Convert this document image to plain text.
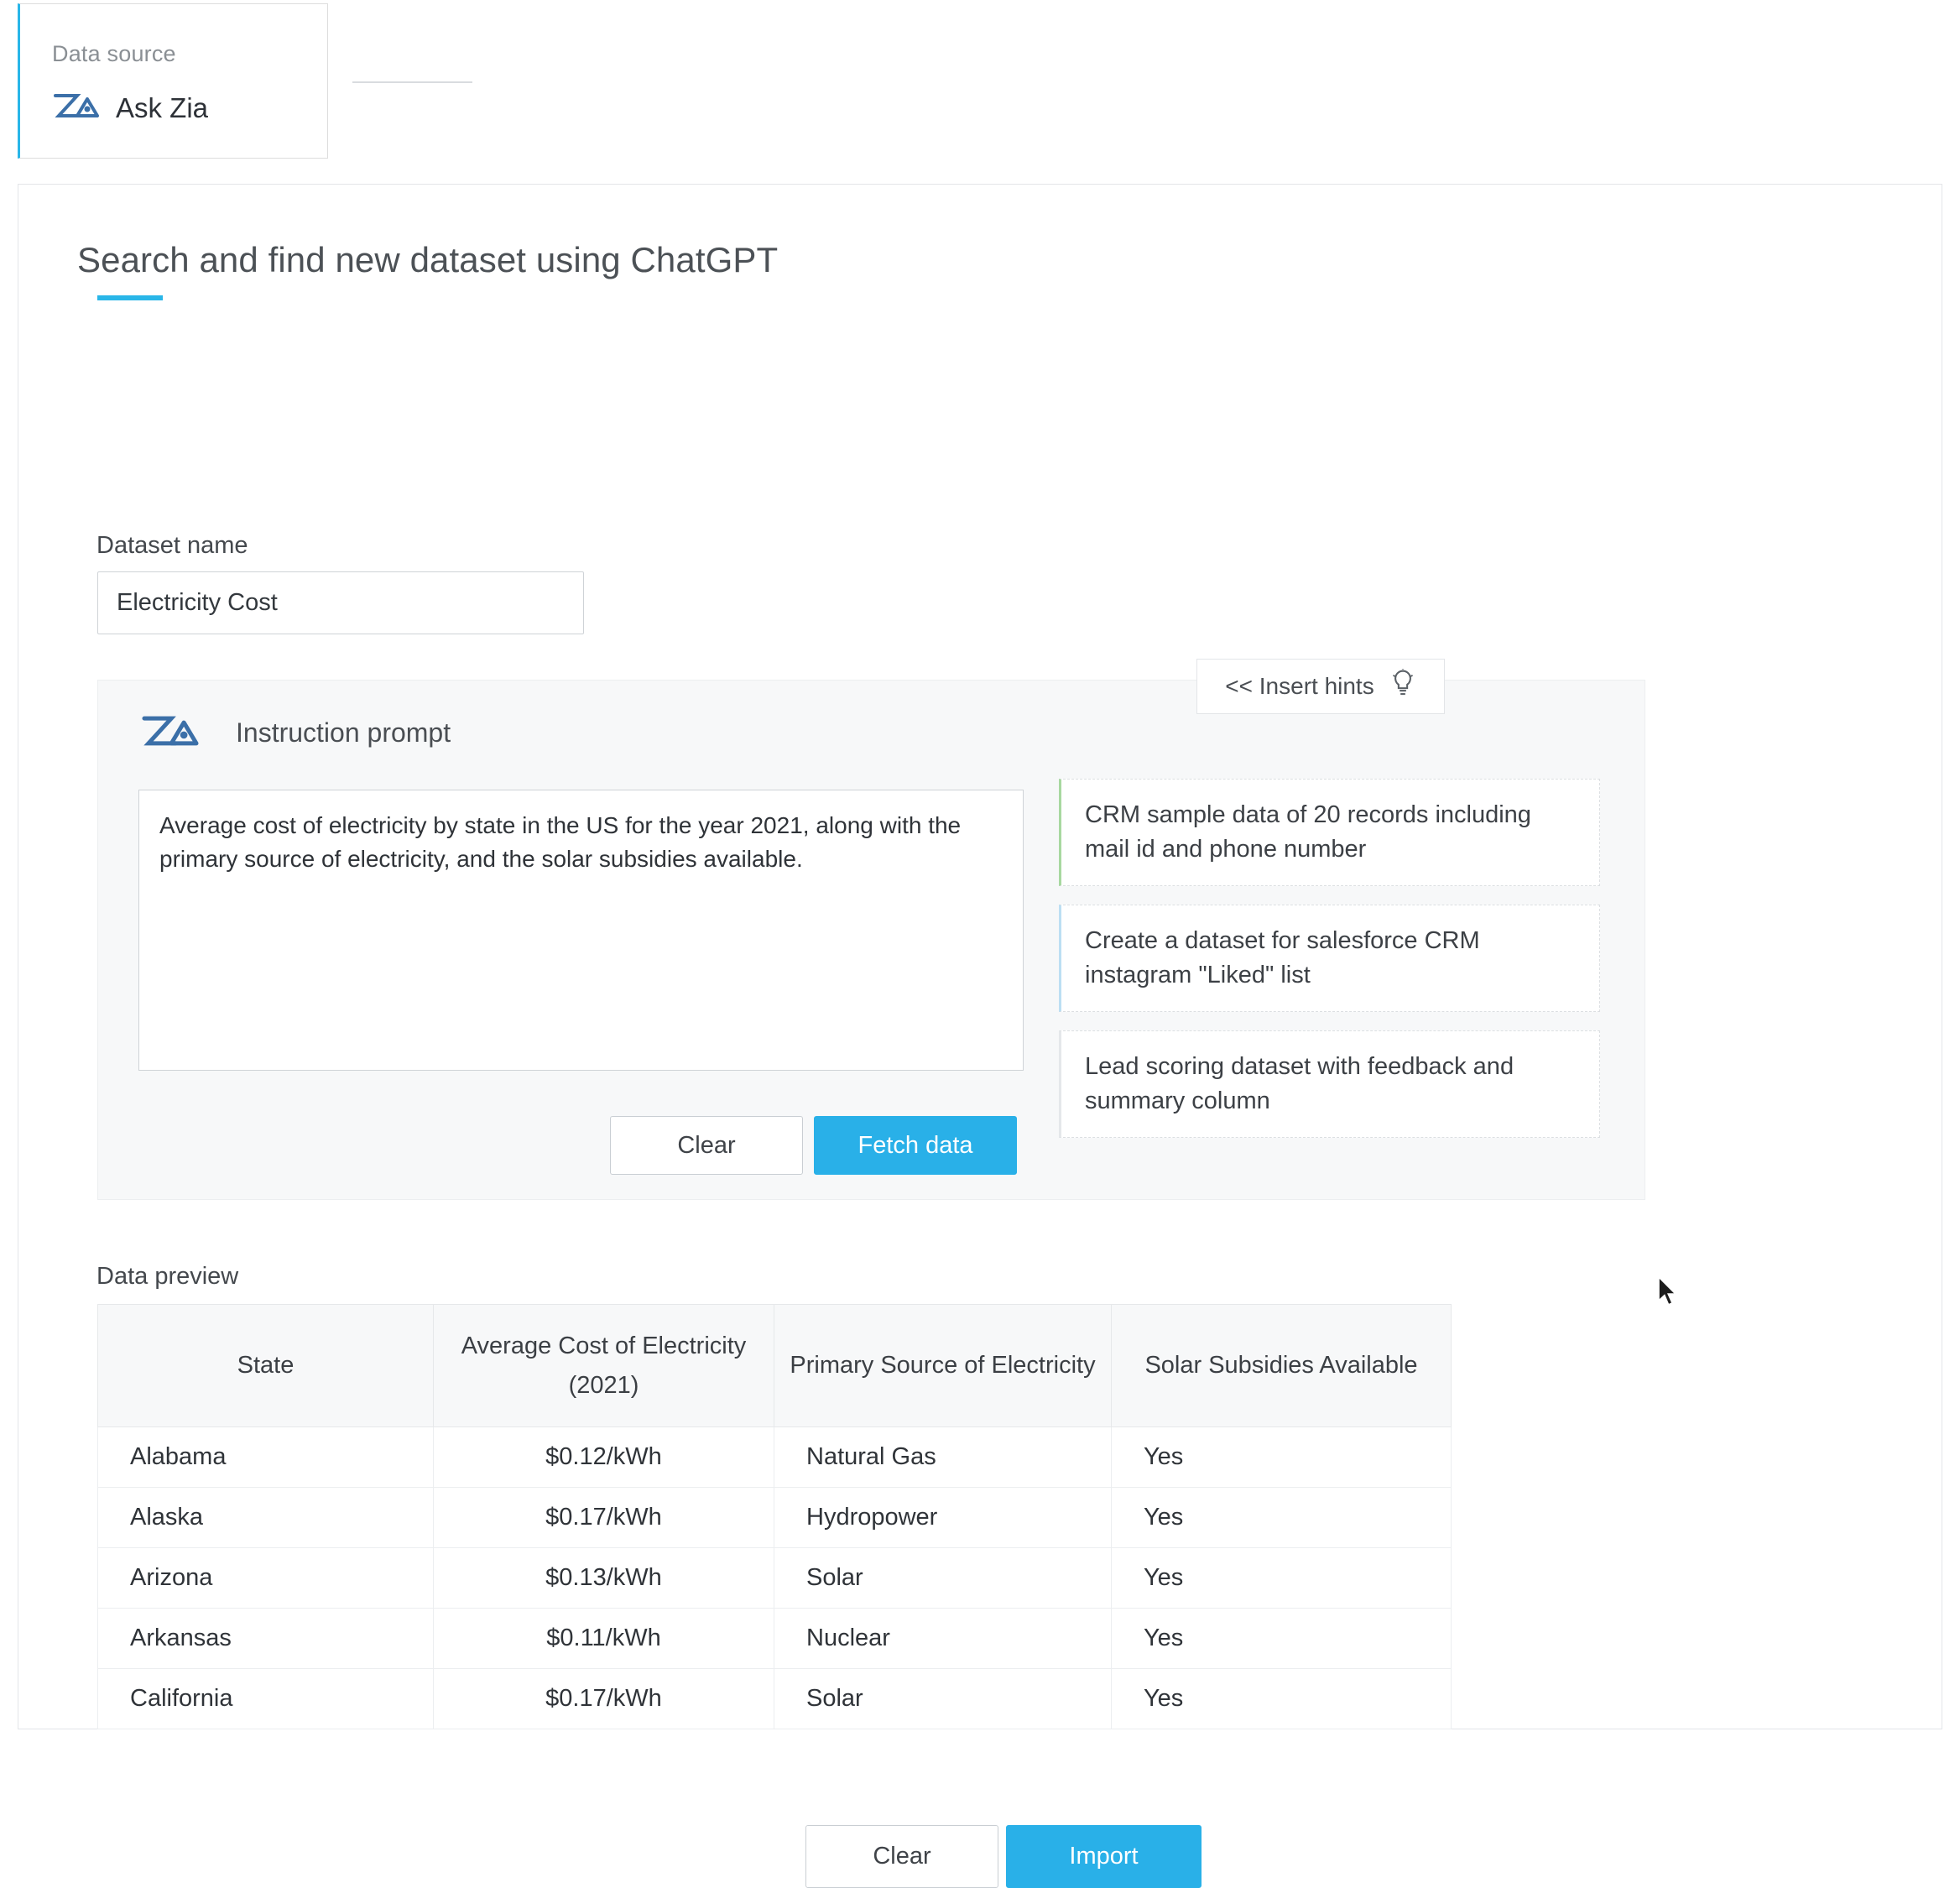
Data source
Ask Zia
Search and find new dataset using ChatGPT
Dataset name
Electricity Cost
Instruction prompt
Average cost of electricity by state in the US for the year 2021, along with the primary source of electricity, and the solar subsidies available.
Clear	Fetch data
<< Insert hints
CRM sample data of 20 records including mail id and phone number
Create a dataset for salesforce CRM instagram "Liked" list
Lead scoring dataset with feedback and summary column
Data preview
State	Average Cost of Electricity (2021)	Primary Source of Electricity	Solar Subsidies Available
Alabama	$0.12/kWh	Natural Gas	Yes
Alaska	$0.17/kWh	Hydropower	Yes
Arizona	$0.13/kWh	Solar	Yes
Arkansas	$0.11/kWh	Nuclear	Yes
California	$0.17/kWh	Solar	Yes
Clear	Import
